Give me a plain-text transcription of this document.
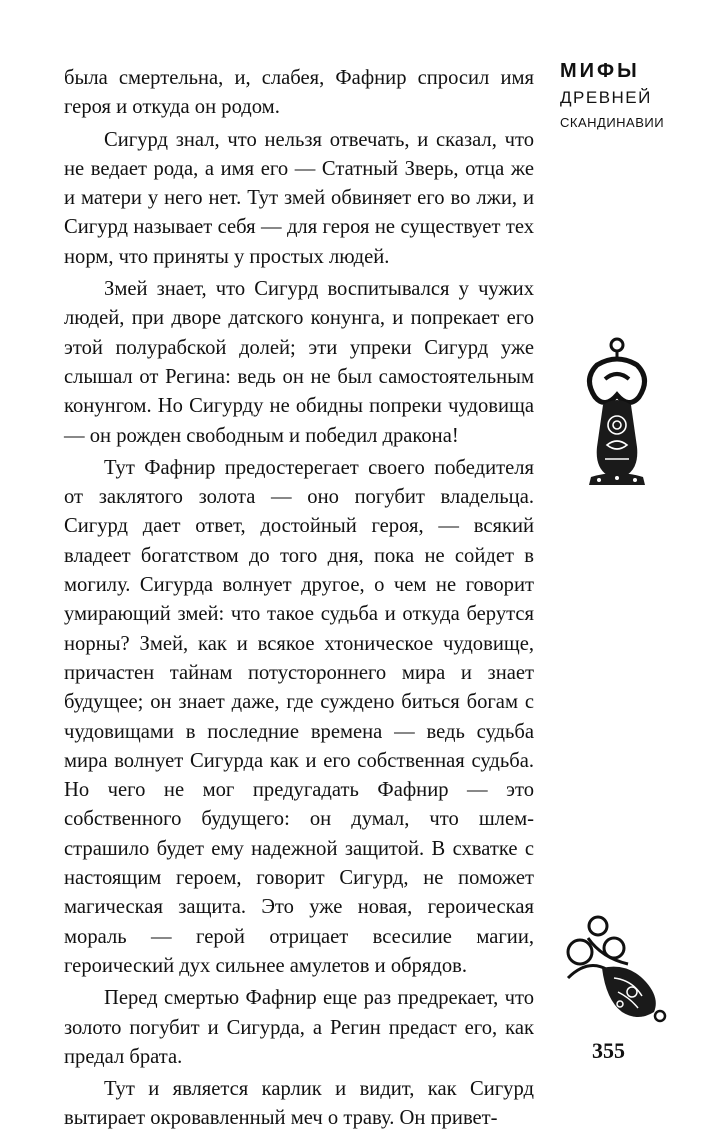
была смертельна, и, слабея, Фафнир спросил имя героя и откуда он родом.

Сигурд знал, что нельзя отвечать, и сказал, что не ведает рода, а имя его — Статный Зверь, отца же и матери у него нет. Тут змей обвиняет его во лжи, и Сигурд называет себя — для героя не существует тех норм, что приняты у простых людей.

Змей знает, что Сигурд воспитывался у чужих людей, при дворе датского конунга, и попрекает его этой полурабской долей; эти упреки Сигурд уже слышал от Регина: ведь он не был самостоятельным конунгом. Но Сигурду не обидны попреки чудовища — он рожден свободным и победил дракона!

Тут Фафнир предостерегает своего победителя от заклятого золота — оно погубит владельца. Сигурд дает ответ, достойный героя, — всякий владеет богатством до того дня, пока не сойдет в могилу. Сигурда волнует другое, о чем не говорит умирающий змей: что такое судьба и откуда берутся норны? Змей, как и всякое хтоническое чудовище, причастен тайнам потустороннего мира и знает будущее; он знает даже, где суждено биться богам с чудовищами в последние времена — ведь судьба мира волнует Сигурда как и его собственная судьба. Но чего не мог предугадать Фафнир — это собственного будущего: он думал, что шлем-страшило будет ему надежной защитой. В схватке с настоящим героем, говорит Сигурд, не поможет магическая защита. Это уже новая, героическая мораль — герой отрицает всесилие магии, героический дух сильнее амулетов и обрядов.

Перед смертью Фафнир еще раз предрекает, что золото погубит и Сигурда, а Регин предаст его, как предал брата.

Тут и является карлик и видит, как Сигурд вытирает окровавленный меч о траву. Он привет-

МИФЫ
ДРЕВНЕЙ
СКАНДИНАВИИ
355
